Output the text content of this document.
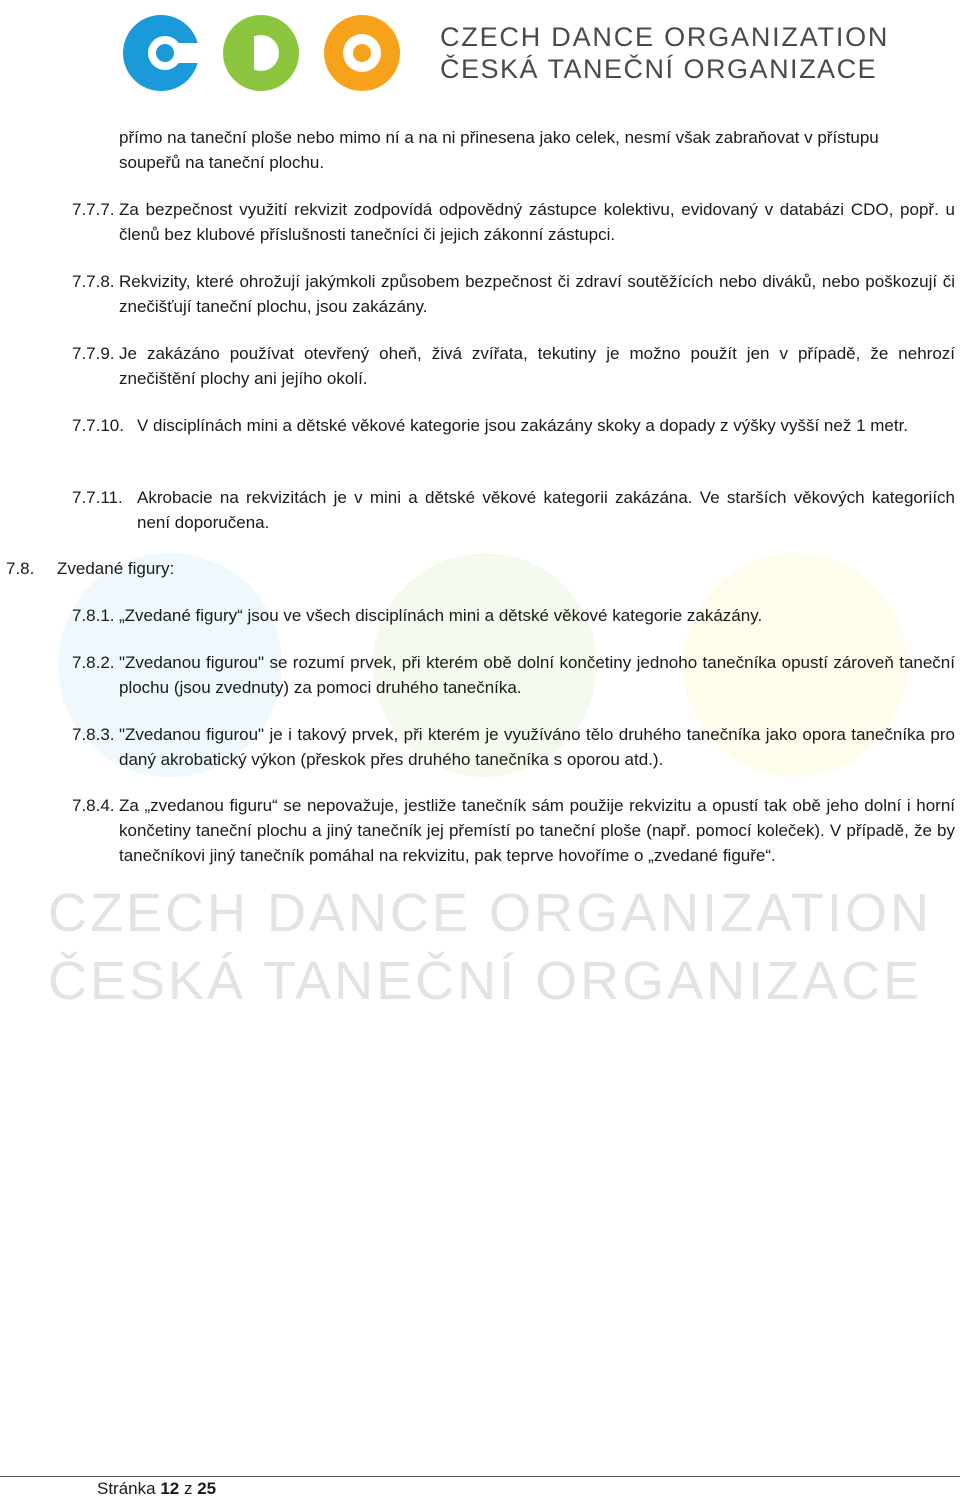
CZECH DANCE ORGANIZATION
ČESKÁ TANEČNÍ ORGANIZACE
CZECH DANCE ORGANIZATION
ČESKÁ TANEČNÍ ORGANIZACE
přímo na taneční ploše nebo mimo ní a na ni přinesena jako celek, nesmí však zabraňovat v přístupu
soupeřů na taneční plochu.
7.7.7. Za bezpečnost využití rekvizit zodpovídá odpovědný zástupce kolektivu, evidovaný v databázi CDO, popř. u členů bez klubové příslušnosti tanečníci či jejich zákonní zástupci.
7.7.8. Rekvizity, které ohrožují jakýmkoli způsobem bezpečnost či zdraví soutěžících nebo diváků, nebo poškozují či znečišťují taneční plochu, jsou zakázány.
7.7.9. Je zakázáno používat otevřený oheň, živá zvířata, tekutiny je možno použít jen v případě, že nehrozí znečištění plochy ani jejího okolí.
7.7.10. V disciplínách mini a dětské věkové kategorie jsou zakázány skoky a dopady z výšky vyšší než 1 metr.
7.7.11. Akrobacie na rekvizitách je v mini a dětské věkové kategorii zakázána. Ve starších věkových kategoriích není doporučena.
7.8. Zvedané figury:
7.8.1. „Zvedané figury“ jsou ve všech disciplínách mini a dětské věkové kategorie zakázány.
7.8.2. "Zvedanou figurou" se rozumí prvek, při kterém obě dolní končetiny jednoho tanečníka opustí zároveň taneční plochu (jsou zvednuty) za pomoci druhého tanečníka.
7.8.3. "Zvedanou figurou" je i takový prvek, při kterém je využíváno tělo druhého tanečníka jako opora tanečníka pro daný akrobatický výkon (přeskok přes druhého tanečníka s oporou atd.).
7.8.4. Za „zvedanou figuru“ se nepovažuje, jestliže tanečník sám použije rekvizitu a opustí tak obě jeho dolní i horní končetiny taneční plochu a jiný tanečník jej přemístí po taneční ploše (např. pomocí koleček). V případě, že by tanečníkovi jiný tanečník pomáhal na rekvizitu, pak teprve hovoříme o „zvedané figuře“.
Stránka 12 z 25
